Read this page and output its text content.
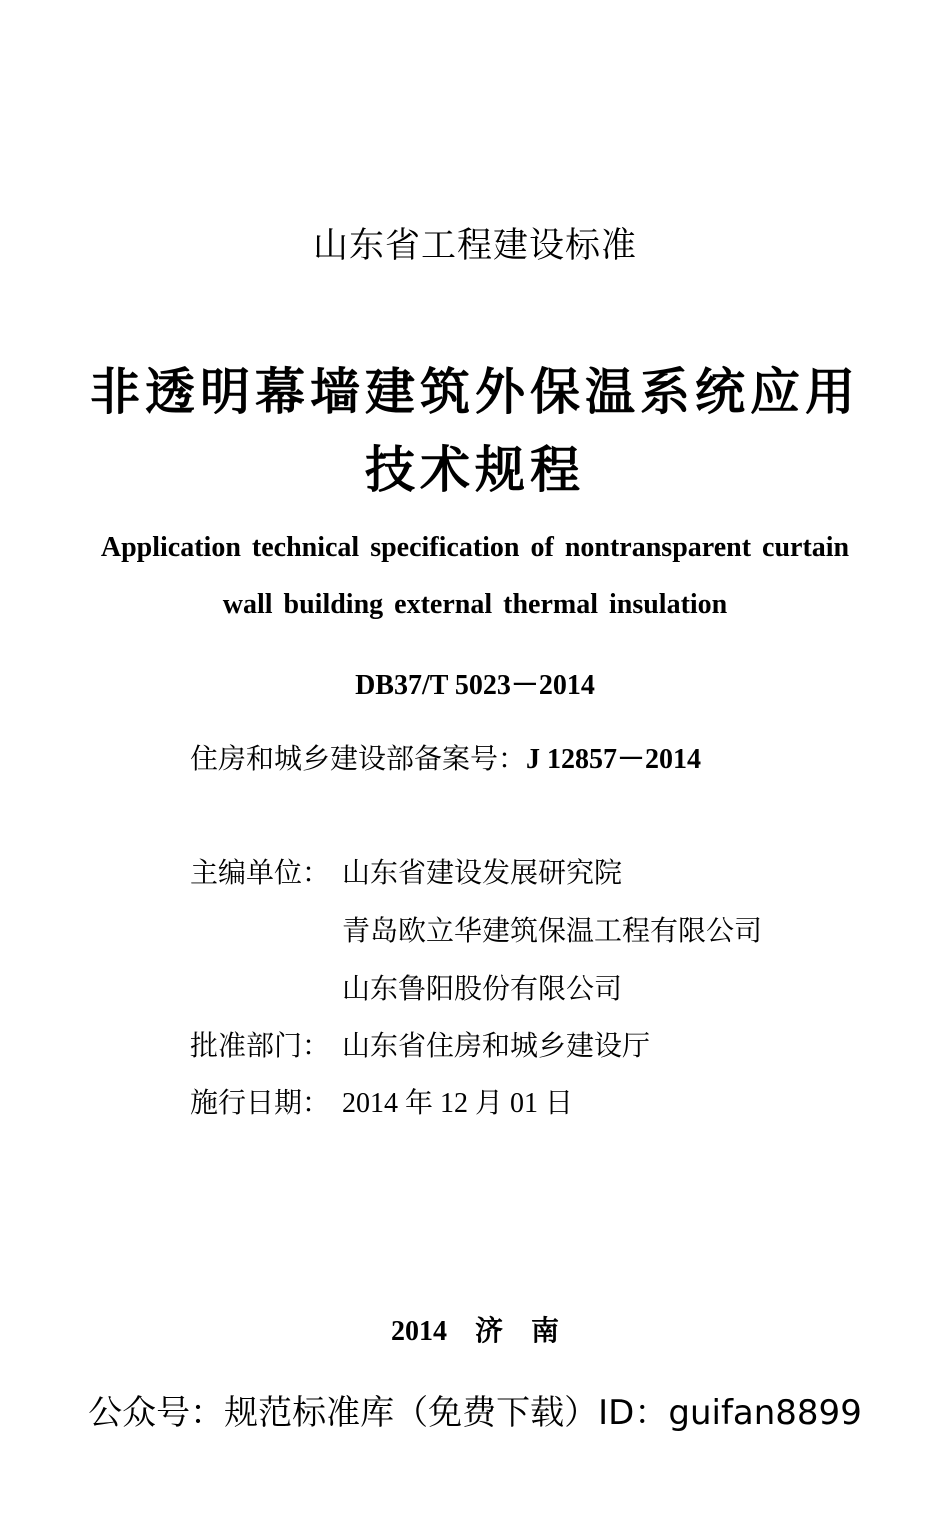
山东省工程建设标准
非透明幕墙建筑外保温系统应用
技术规程
Application technical specification of nontransparent curtain
wall building external thermal insulation
DB37/T 5023－2014
住房和城乡建设部备案号：J 12857－2014
主编单位： 山东省建设发展研究院
青岛欧立华建筑保温工程有限公司
山东鲁阳股份有限公司
批准部门： 山东省住房和城乡建设厅
施行日期： 2014 年 12 月 01 日
2014 济南
公众号：规范标准库（免费下载）ID：guifan8899
